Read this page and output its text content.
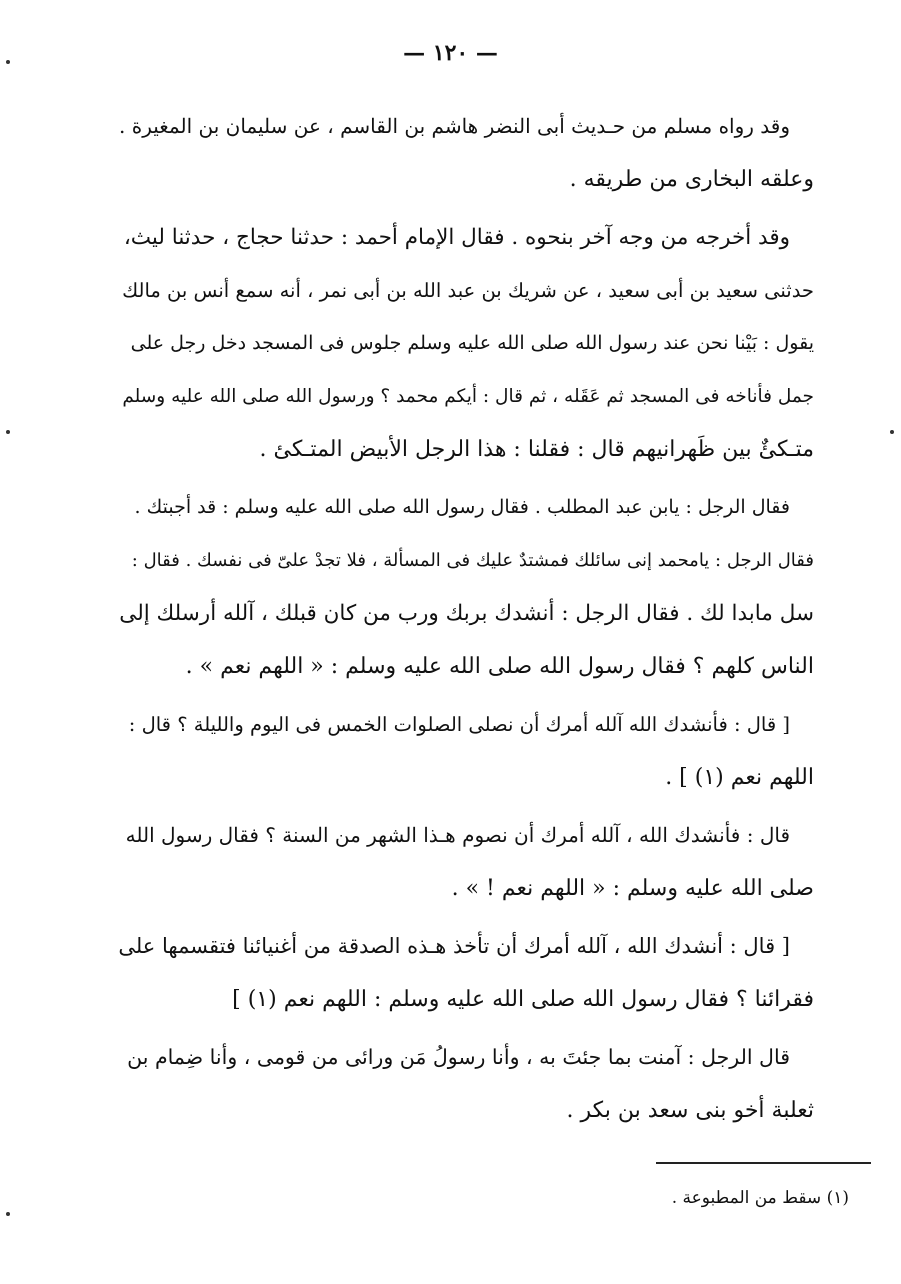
— ١٢٠ —
وقد رواه مسلم من حـديث أبى النضر هاشم بن القاسم ، عن سليمان بن المغيرة .
وعلقه البخارى من طريقه .
وقد أخرجه من وجه آخر بنحوه . فقال الإمام أحمد : حدثنا حجاج ، حدثنا ليث،
حدثنى سعيد بن أبى سعيد ، عن شريك بن عبد الله بن أبى نمر ، أنه سمع أنس بن مالك
يقول : بَيْنا نحن عند رسول الله صلى الله عليه وسلم جلوس فى المسجد دخل رجل على
جمل فأناخه فى المسجد ثم عَقَله ، ثم قال : أيكم محمد ؟ ورسول الله صلى الله عليه وسلم
متـكئٌ بين ظَهرانيهم قال : فقلنا : هذا الرجل الأبيض المتـكئ .
فقال الرجل : يابن عبد المطلب . فقال رسول الله صلى الله عليه وسلم : قد أجبتك .
فقال الرجل : يامحمد إنى سائلك فمشتدٌ عليك فى المسألة ، فلا تجدْ علىّ فى نفسك . فقال :
سل مابدا لك . فقال الرجل : أنشدك بربك ورب من كان قبلك ، آلله أرسلك إلى
الناس كلهم ؟ فقال رسول الله صلى الله عليه وسلم : « اللهم نعم » .
[ قال : فأنشدك الله آلله أمرك أن نصلى الصلوات الخمس فى اليوم والليلة ؟ قال :
اللهم نعم (١) ] .
قال : فأنشدك الله ، آلله أمرك أن نصوم هـذا الشهر من السنة ؟ فقال رسول الله
صلى الله عليه وسلم : « اللهم نعم ! » .
[ قال : أنشدك الله ، آلله أمرك أن تأخذ هـذه الصدقة من أغنيائنا فتقسمها على
فقرائنا ؟ فقال رسول الله صلى الله عليه وسلم : اللهم نعم (١) ]
قال الرجل : آمنت بما جئتَ به ، وأنا رسولُ مَن ورائى من قومى ، وأنا ضِمام بن
ثعلبة أخو بنى سعد بن بكر .
(١) سقط من المطبوعة .
